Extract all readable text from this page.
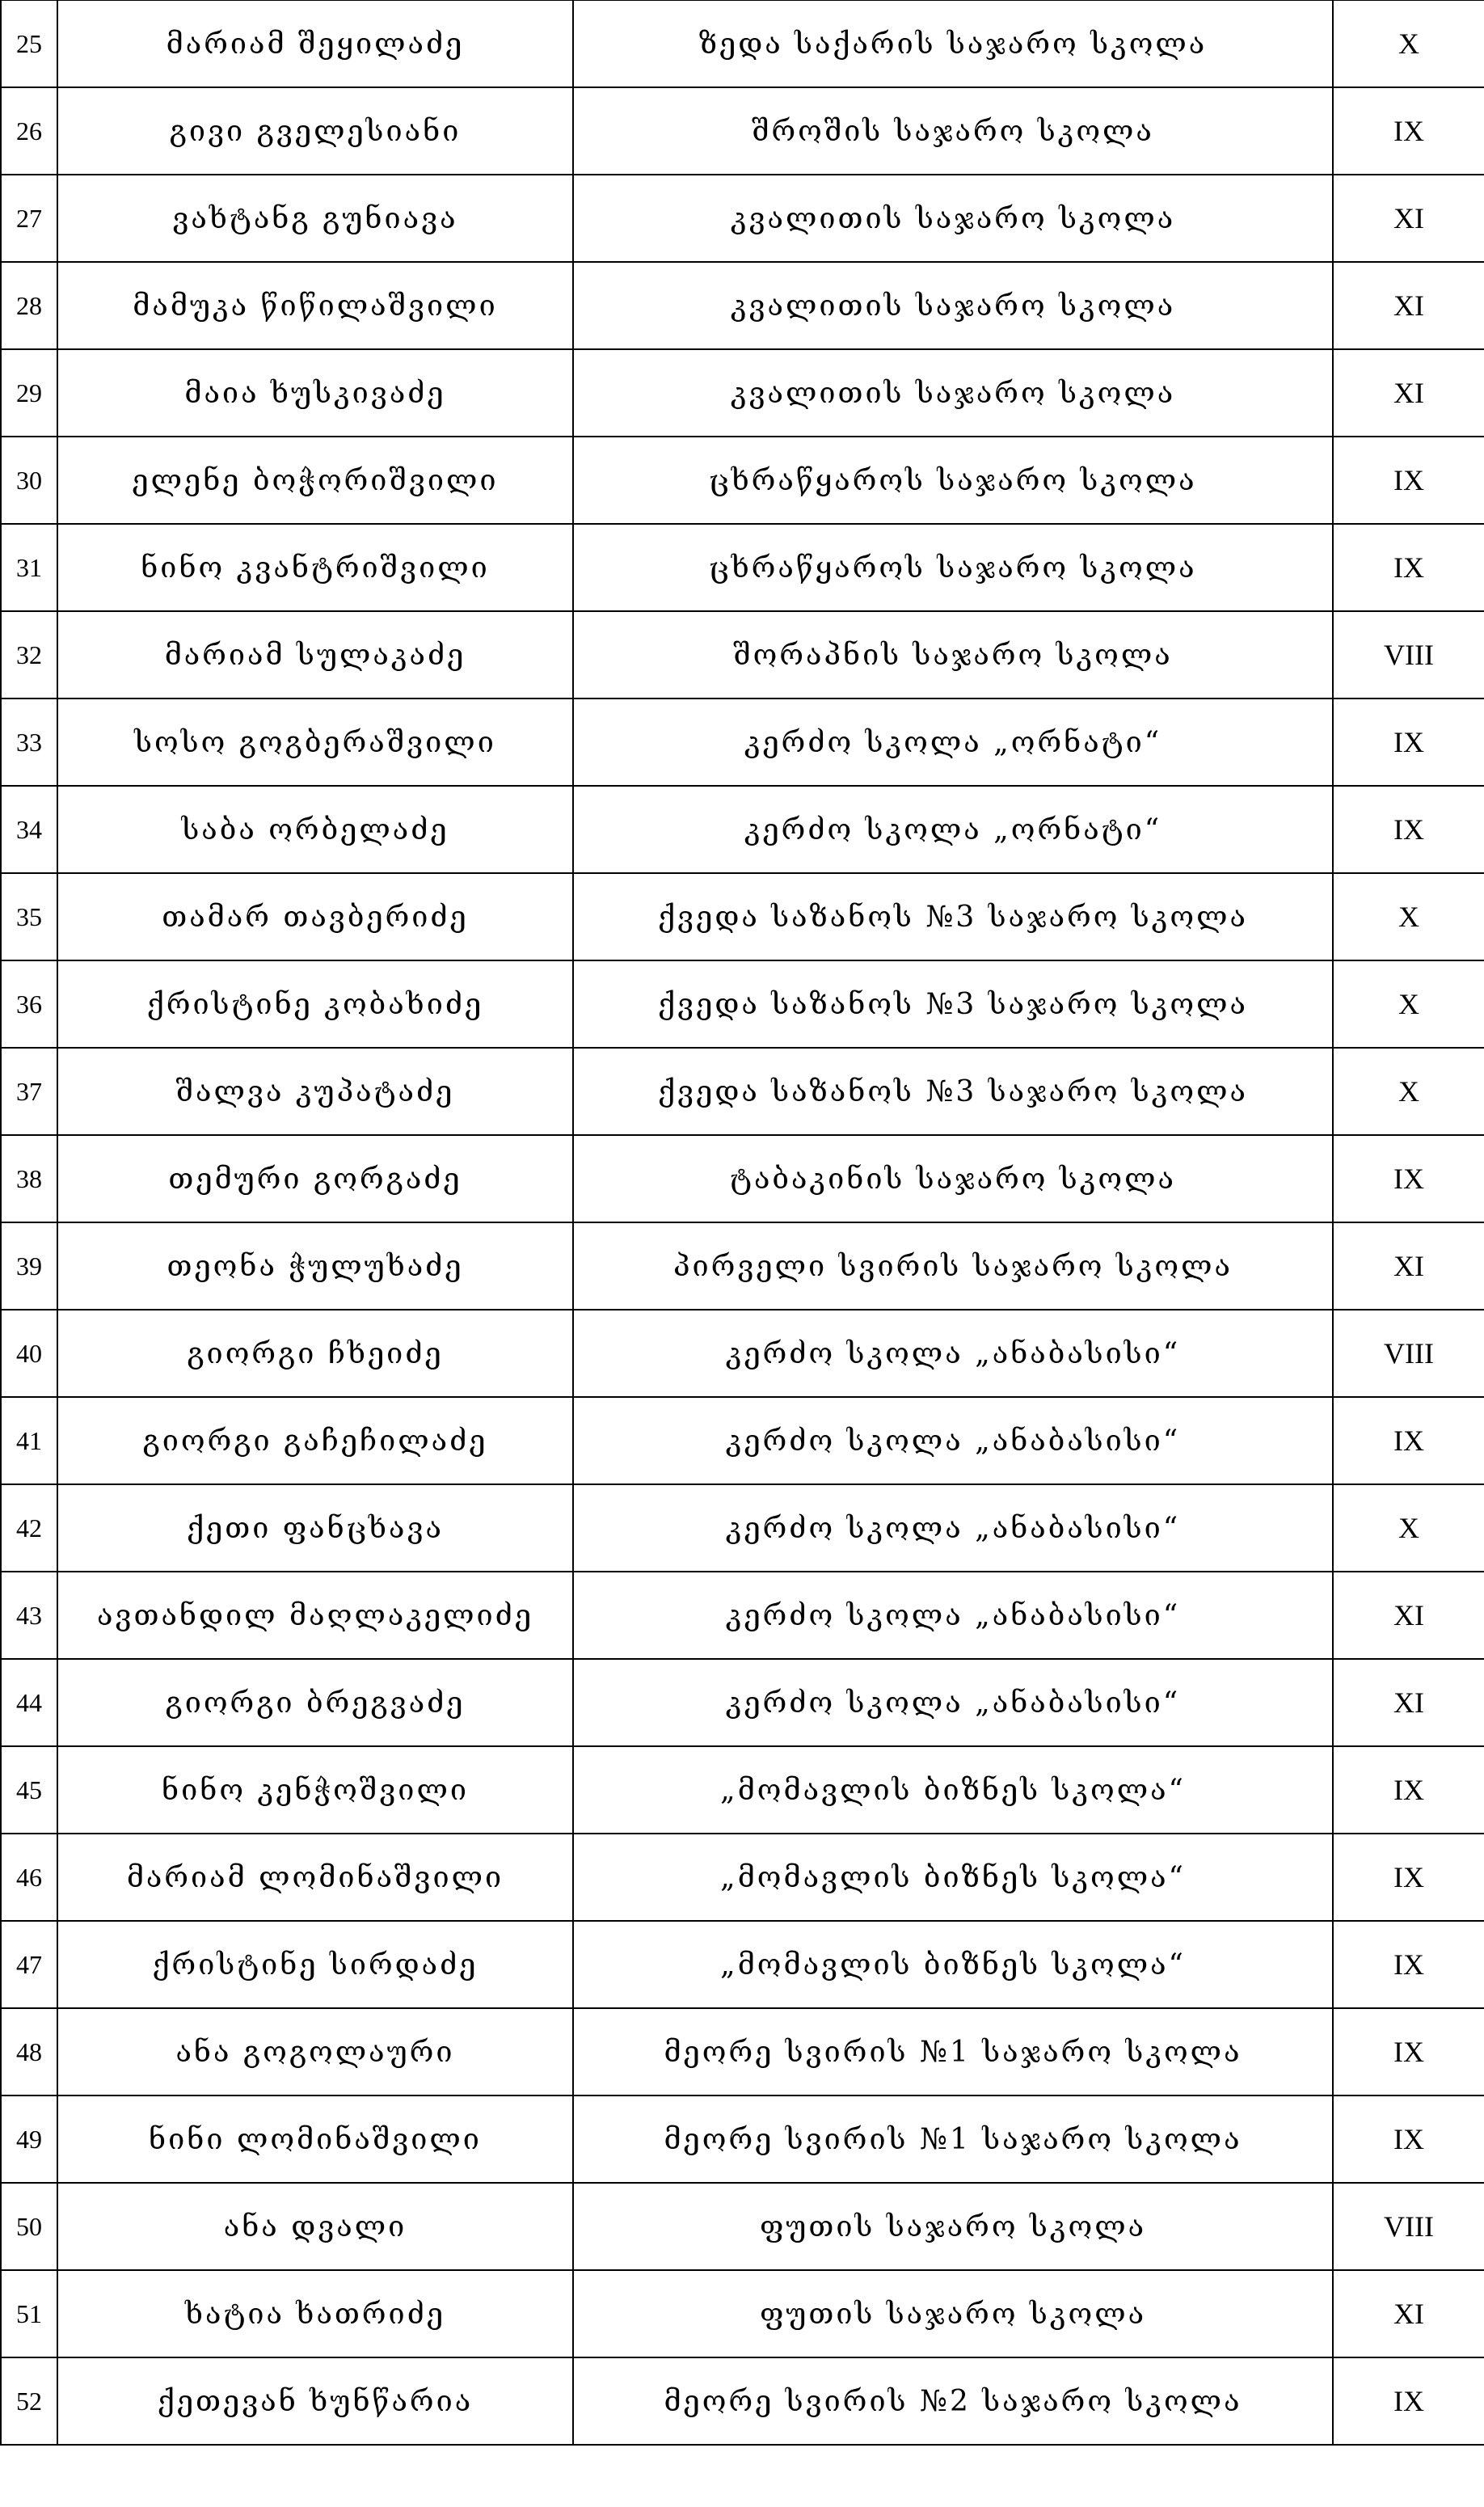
25	მარიამ შეყილაძე	ზედა საქარის საჯარო სკოლა	X
26	გივი გველესიანი	შროშის საჯარო სკოლა	IX
27	ვახტანგ გუნიავა	კვალითის საჯარო სკოლა	XI
28	მამუკა წიწილაშვილი	კვალითის საჯარო სკოლა	XI
29	მაია ხუსკივაძე	კვალითის საჯარო სკოლა	XI
30	ელენე ბოჭორიშვილი	ცხრაწყაროს საჯარო სკოლა	IX
31	ნინო კვანტრიშვილი	ცხრაწყაროს საჯარო სკოლა	IX
32	მარიამ სულაკაძე	შორაპნის საჯარო სკოლა	VIII
33	სოსო გოგბერაშვილი	კერძო სკოლა „ორნატი“	IX
34	საბა ორბელაძე	კერძო სკოლა „ორნატი“	IX
35	თამარ თავბერიძე	ქვედა საზანოს №3 საჯარო სკოლა	X
36	ქრისტინე კობახიძე	ქვედა საზანოს №3 საჯარო სკოლა	X
37	შალვა კუპატაძე	ქვედა საზანოს №3 საჯარო სკოლა	X
38	თემური გორგაძე	ტაბაკინის საჯარო სკოლა	IX
39	თეონა ჭულუხაძე	პირველი სვირის საჯარო სკოლა	XI
40	გიორგი ჩხეიძე	კერძო სკოლა „ანაბასისი“	VIII
41	გიორგი გაჩეჩილაძე	კერძო სკოლა „ანაბასისი“	IX
42	ქეთი ფანცხავა	კერძო სკოლა „ანაბასისი“	X
43	ავთანდილ მაღლაკელიძე	კერძო სკოლა „ანაბასისი“	XI
44	გიორგი ბრეგვაძე	კერძო სკოლა „ანაბასისი“	XI
45	ნინო კენჭოშვილი	„მომავლის ბიზნეს სკოლა“	IX
46	მარიამ ლომინაშვილი	„მომავლის ბიზნეს სკოლა“	IX
47	ქრისტინე სირდაძე	„მომავლის ბიზნეს სკოლა“	IX
48	ანა გოგოლაური	მეორე სვირის №1 საჯარო სკოლა	IX
49	ნინი ლომინაშვილი	მეორე სვირის №1 საჯარო სკოლა	IX
50	ანა დვალი	ფუთის საჯარო სკოლა	VIII
51	ხატია ხათრიძე	ფუთის საჯარო სკოლა	XI
52	ქეთევან ხუნწარია	მეორე სვირის №2 საჯარო სკოლა	IX
